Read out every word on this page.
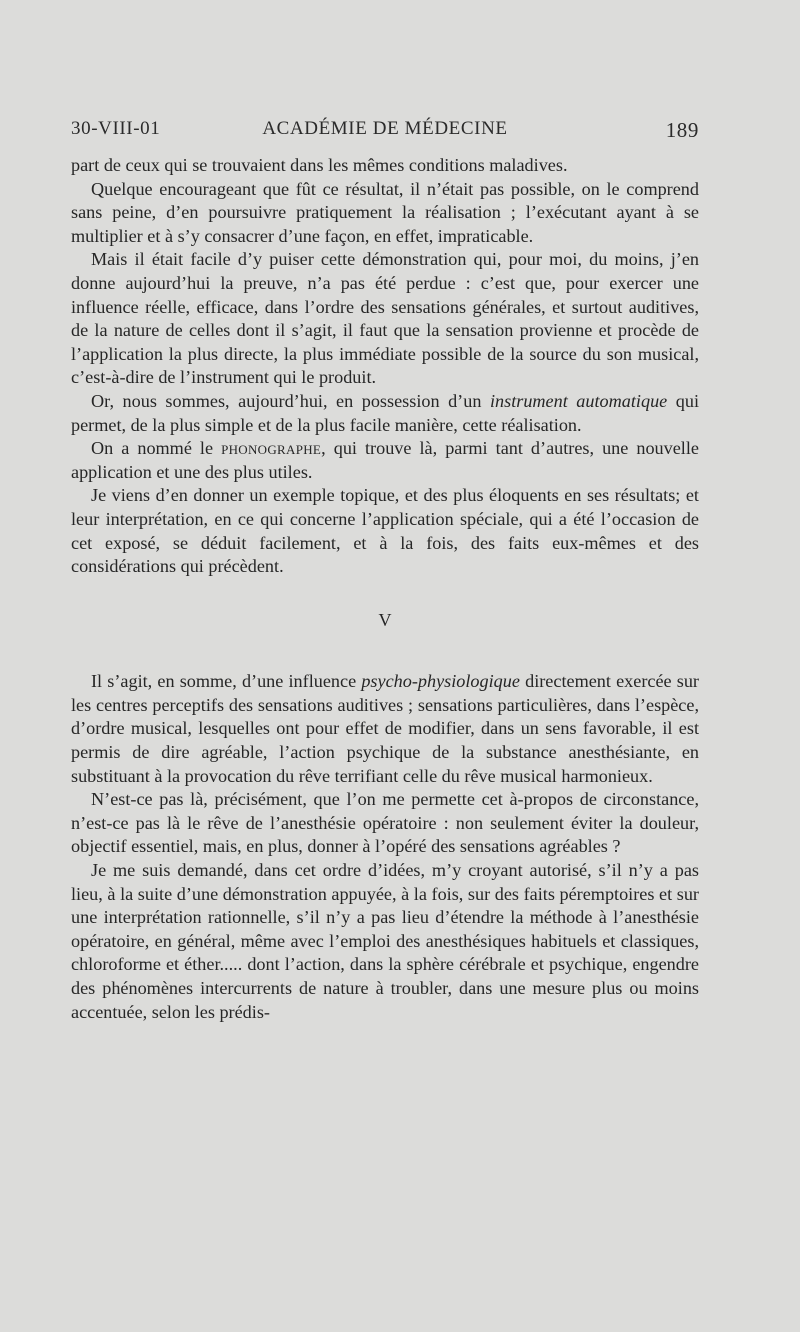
30-VIII-01	ACADÉMIE DE MÉDECINE	189

part de ceux qui se trouvaient dans les mêmes conditions maladives.

Quelque encourageant que fût ce résultat, il n’était pas possible, on le comprend sans peine, d’en poursuivre pratiquement la réalisation ; l’exécutant ayant à se multiplier et à s’y consacrer d’une façon, en effet, impraticable.

Mais il était facile d’y puiser cette démonstration qui, pour moi, du moins, j’en donne aujourd’hui la preuve, n’a pas été perdue : c’est que, pour exercer une influence réelle, efficace, dans l’ordre des sensations générales, et surtout auditives, de la nature de celles dont il s’agit, il faut que la sensation provienne et procède de l’application la plus directe, la plus immédiate possible de la source du son musical, c’est-à-dire de l’instrument qui le produit.

Or, nous sommes, aujourd’hui, en possession d’un instrument automatique qui permet, de la plus simple et de la plus facile manière, cette réalisation.

On a nommé le phonographe, qui trouve là, parmi tant d’autres, une nouvelle application et une des plus utiles.

Je viens d’en donner un exemple topique, et des plus éloquents en ses résultats; et leur interprétation, en ce qui concerne l’application spéciale, qui a été l’occasion de cet exposé, se déduit facilement, et à la fois, des faits eux-mêmes et des considérations qui précèdent.

V

Il s’agit, en somme, d’une influence psycho-physiologique directement exercée sur les centres perceptifs des sensations auditives ; sensations particulières, dans l’espèce, d’ordre musical, lesquelles ont pour effet de modifier, dans un sens favorable, il est permis de dire agréable, l’action psychique de la substance anesthésiante, en substituant à la provocation du rêve terrifiant celle du rêve musical harmonieux.

N’est-ce pas là, précisément, que l’on me permette cet à-propos de circonstance, n’est-ce pas là le rêve de l’anesthésie opératoire : non seulement éviter la douleur, objectif essentiel, mais, en plus, donner à l’opéré des sensations agréables ?

Je me suis demandé, dans cet ordre d’idées, m’y croyant autorisé, s’il n’y a pas lieu, à la suite d’une démonstration appuyée, à la fois, sur des faits péremptoires et sur une interprétation rationnelle, s’il n’y a pas lieu d’étendre la méthode à l’anesthésie opératoire, en général, même avec l’emploi des anesthésiques habituels et classiques, chloroforme et éther..... dont l’action, dans la sphère cérébrale et psychique, engendre des phénomènes intercurrents de nature à troubler, dans une mesure plus ou moins accentuée, selon les prédis-
